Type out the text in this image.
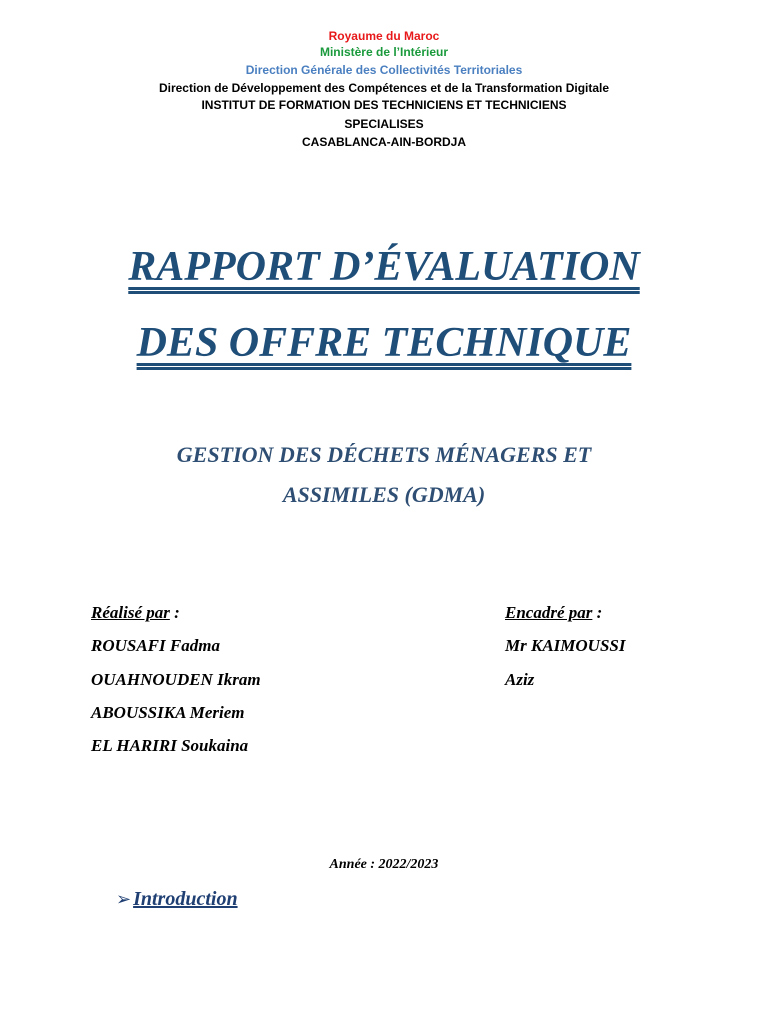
Royaume du Maroc
Ministère de l’Intérieur
Direction Générale des Collectivités Territoriales
Direction de Développement des Compétences et de la Transformation Digitale
INSTITUT DE FORMATION DES TECHNICIENS ET TECHNICIENS
SPECIALISES
CASABLANCA-AIN-BORDJA
RAPPORT D’ÉVALUATION
DES OFFRE TECHNIQUE
GESTION DES DÉCHETS MÉNAGERS ET
ASSIMILES (GDMA)
Réalisé par :
ROUSAFI Fadma
OUAHNOUDEN Ikram
ABOUSSIKA Meriem
EL HARIRI Soukaina
Encadré par :
Mr KAIMOUSSI
Aziz
Année : 2022/2023
➢ Introduction
